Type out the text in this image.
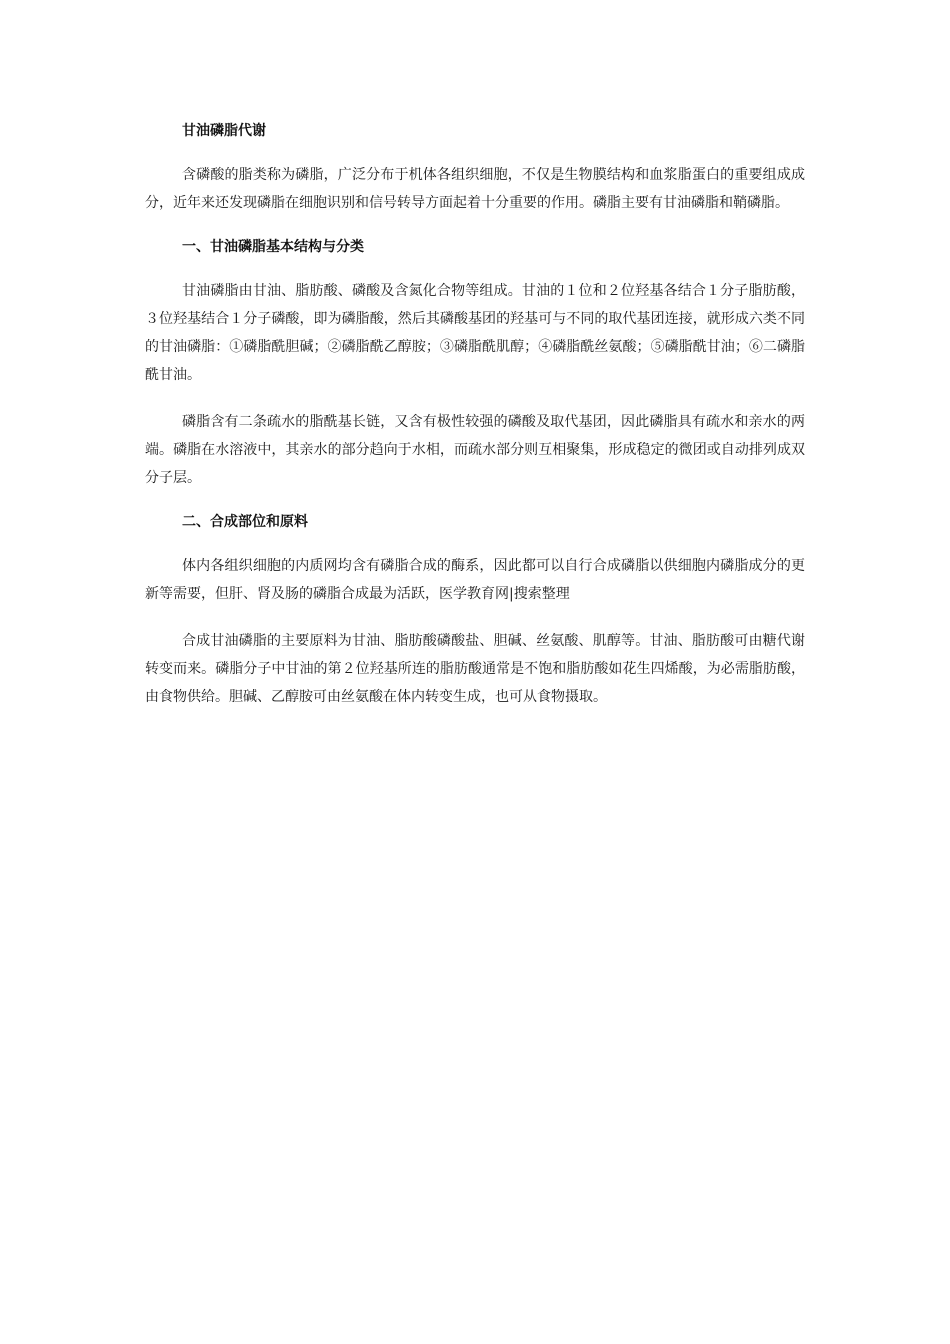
甘油磷脂代谢

含磷酸的脂类称为磷脂，广泛分布于机体各组织细胞，不仅是生物膜结构和血浆脂蛋白的重要组成成分，近年来还发现磷脂在细胞识别和信号转导方面起着十分重要的作用。磷脂主要有甘油磷脂和鞘磷脂。

一、甘油磷脂基本结构与分类

甘油磷脂由甘油、脂肪酸、磷酸及含氮化合物等组成。甘油的１位和２位羟基各结合１分子脂肪酸，３位羟基结合１分子磷酸，即为磷脂酸，然后其磷酸基团的羟基可与不同的取代基团连接，就形成六类不同的甘油磷脂：①磷脂酰胆碱；②磷脂酰乙醇胺；③磷脂酰肌醇；④磷脂酰丝氨酸；⑤磷脂酰甘油；⑥二磷脂酰甘油。

磷脂含有二条疏水的脂酰基长链，又含有极性较强的磷酸及取代基团，因此磷脂具有疏水和亲水的两端。磷脂在水溶液中，其亲水的部分趋向于水相，而疏水部分则互相聚集，形成稳定的微团或自动排列成双分子层。

二、合成部位和原料

体内各组织细胞的内质网均含有磷脂合成的酶系，因此都可以自行合成磷脂以供细胞内磷脂成分的更新等需要，但肝、肾及肠的磷脂合成最为活跃，医学教育网|搜索整理

合成甘油磷脂的主要原料为甘油、脂肪酸磷酸盐、胆碱、丝氨酸、肌醇等。甘油、脂肪酸可由糖代谢转变而来。磷脂分子中甘油的第２位羟基所连的脂肪酸通常是不饱和脂肪酸如花生四烯酸，为必需脂肪酸，由食物供给。胆碱、乙醇胺可由丝氨酸在体内转变生成，也可从食物摄取。
